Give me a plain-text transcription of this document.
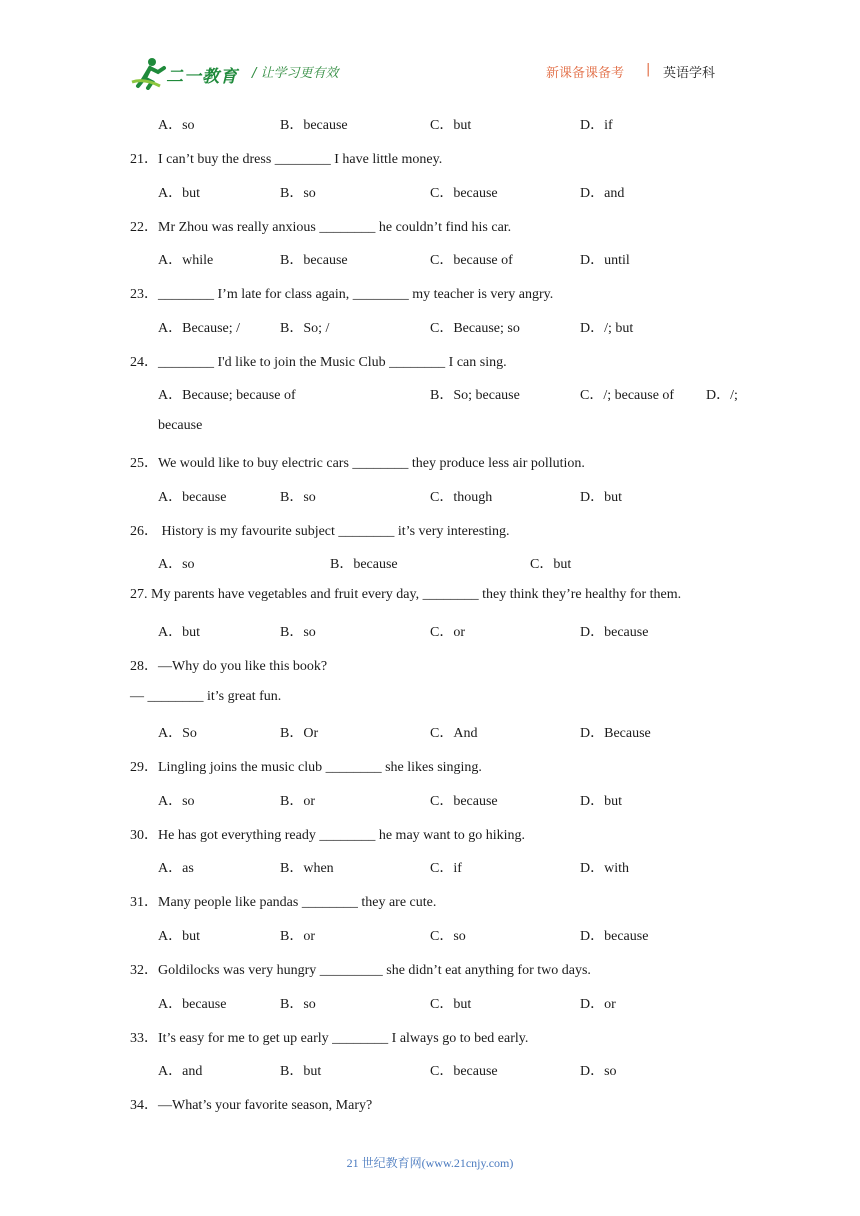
二一教育 / 让学习更有效	新课备课备考 | 英语学科
A．so	B．because	C．but	D．if
21．I can’t buy the dress ________ I have little money.
A．but	B．so	C．because	D．and
22．Mr Zhou was really anxious ________ he couldn’t find his car.
A．while	B．because	C．because of	D．until
23．________ I’m late for class again, ________ my teacher is very angry.
A．Because; /	B．So; /	C．Because; so	D．/; but
24．________ I'd like to join the Music Club ________ I can sing.
A．Because; because of	B．So; because	C．/; because of D．/;
because
25．We would like to buy electric cars ________ they produce less air pollution.
A．because	B．so	C．though	D．but
26． History is my favourite subject ________ it’s very interesting.
A．so	B．because	C．but
27. My parents have vegetables and fruit every day, ________ they think they’re healthy for them.
A．but	B．so	C．or	D．because
28．—Why do you like this book?
— ________ it’s great fun.
A．So	B．Or	C．And	D．Because
29．Lingling joins the music club ________ she likes singing.
A．so	B．or	C．because	D．but
30．He has got everything ready ________ he may want to go hiking.
A．as	B．when	C．if	D．with
31．Many people like pandas ________ they are cute.
A．but	B．or	C．so	D．because
32．Goldilocks was very hungry _________ she didn’t eat anything for two days.
A．because	B．so	C．but	D．or
33．It’s easy for me to get up early ________ I always go to bed early.
A．and	B．but	C．because	D．so
34．—What’s your favorite season, Mary?
21 世纪教育网(www.21cnjy.com)
